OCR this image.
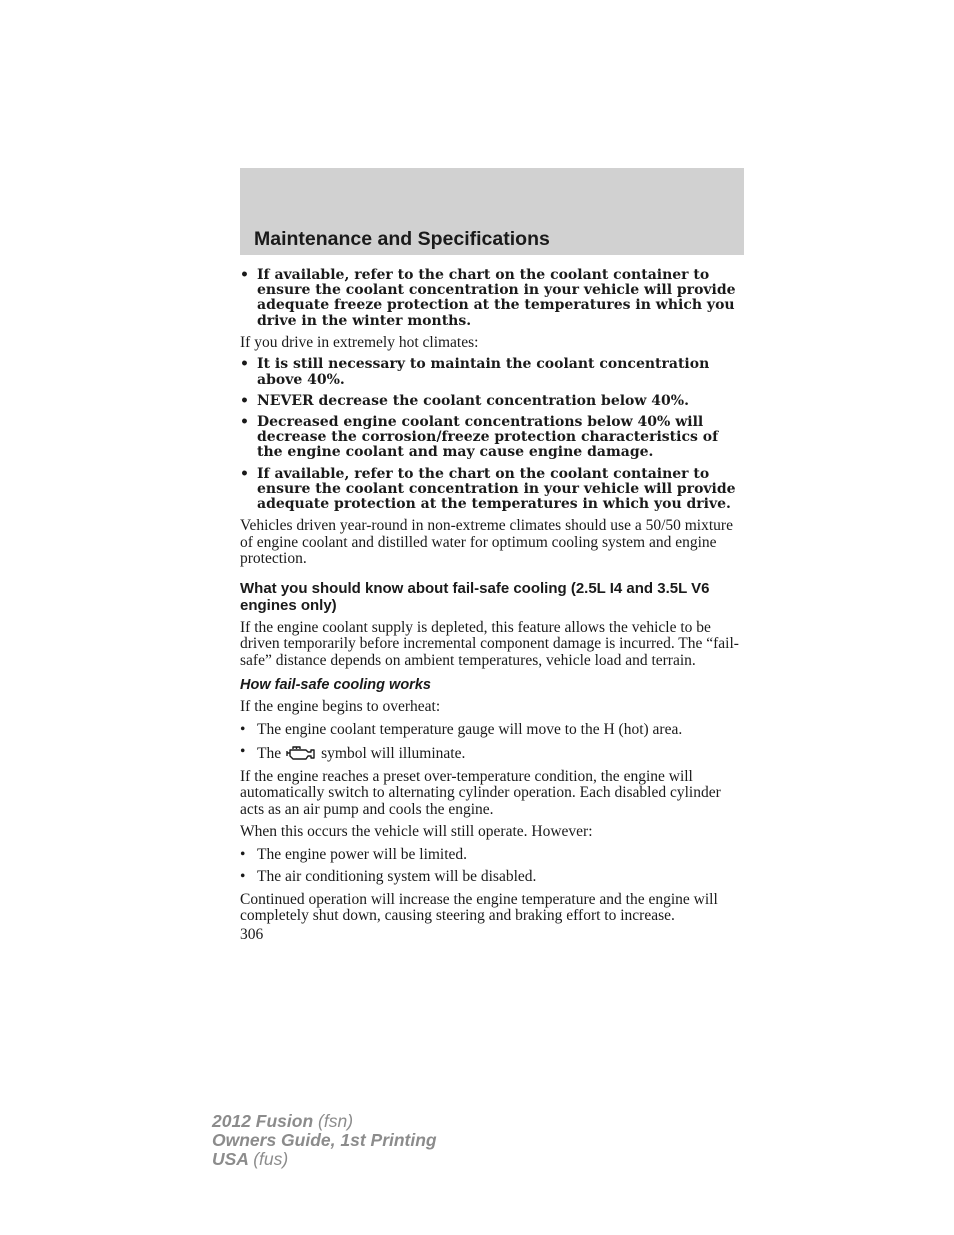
Maintenance and Specifications
• If available, refer to the chart on the coolant container to ensure the coolant concentration in your vehicle will provide adequate freeze protection at the temperatures in which you drive in the winter months.

If you drive in extremely hot climates:

• It is still necessary to maintain the coolant concentration above 40%.
• NEVER decrease the coolant concentration below 40%.
• Decreased engine coolant concentrations below 40% will decrease the corrosion/freeze protection characteristics of the engine coolant and may cause engine damage.
• If available, refer to the chart on the coolant container to ensure the coolant concentration in your vehicle will provide adequate protection at the temperatures in which you drive.

Vehicles driven year-round in non-extreme climates should use a 50/50 mixture of engine coolant and distilled water for optimum cooling system and engine protection.

What you should know about fail-safe cooling (2.5L I4 and 3.5L V6 engines only)

If the engine coolant supply is depleted, this feature allows the vehicle to be driven temporarily before incremental component damage is incurred. The “fail-safe” distance depends on ambient temperatures, vehicle load and terrain.

How fail-safe cooling works

If the engine begins to overheat:

• The engine coolant temperature gauge will move to the H (hot) area.
• The	symbol will illuminate.

If the engine reaches a preset over-temperature condition, the engine will automatically switch to alternating cylinder operation. Each disabled cylinder acts as an air pump and cools the engine.

When this occurs the vehicle will still operate. However:

• The engine power will be limited.
• The air conditioning system will be disabled.

Continued operation will increase the engine temperature and the engine will completely shut down, causing steering and braking effort to increase.

306
2012 Fusion (fsn)
Owners Guide, 1st Printing
USA (fus)
